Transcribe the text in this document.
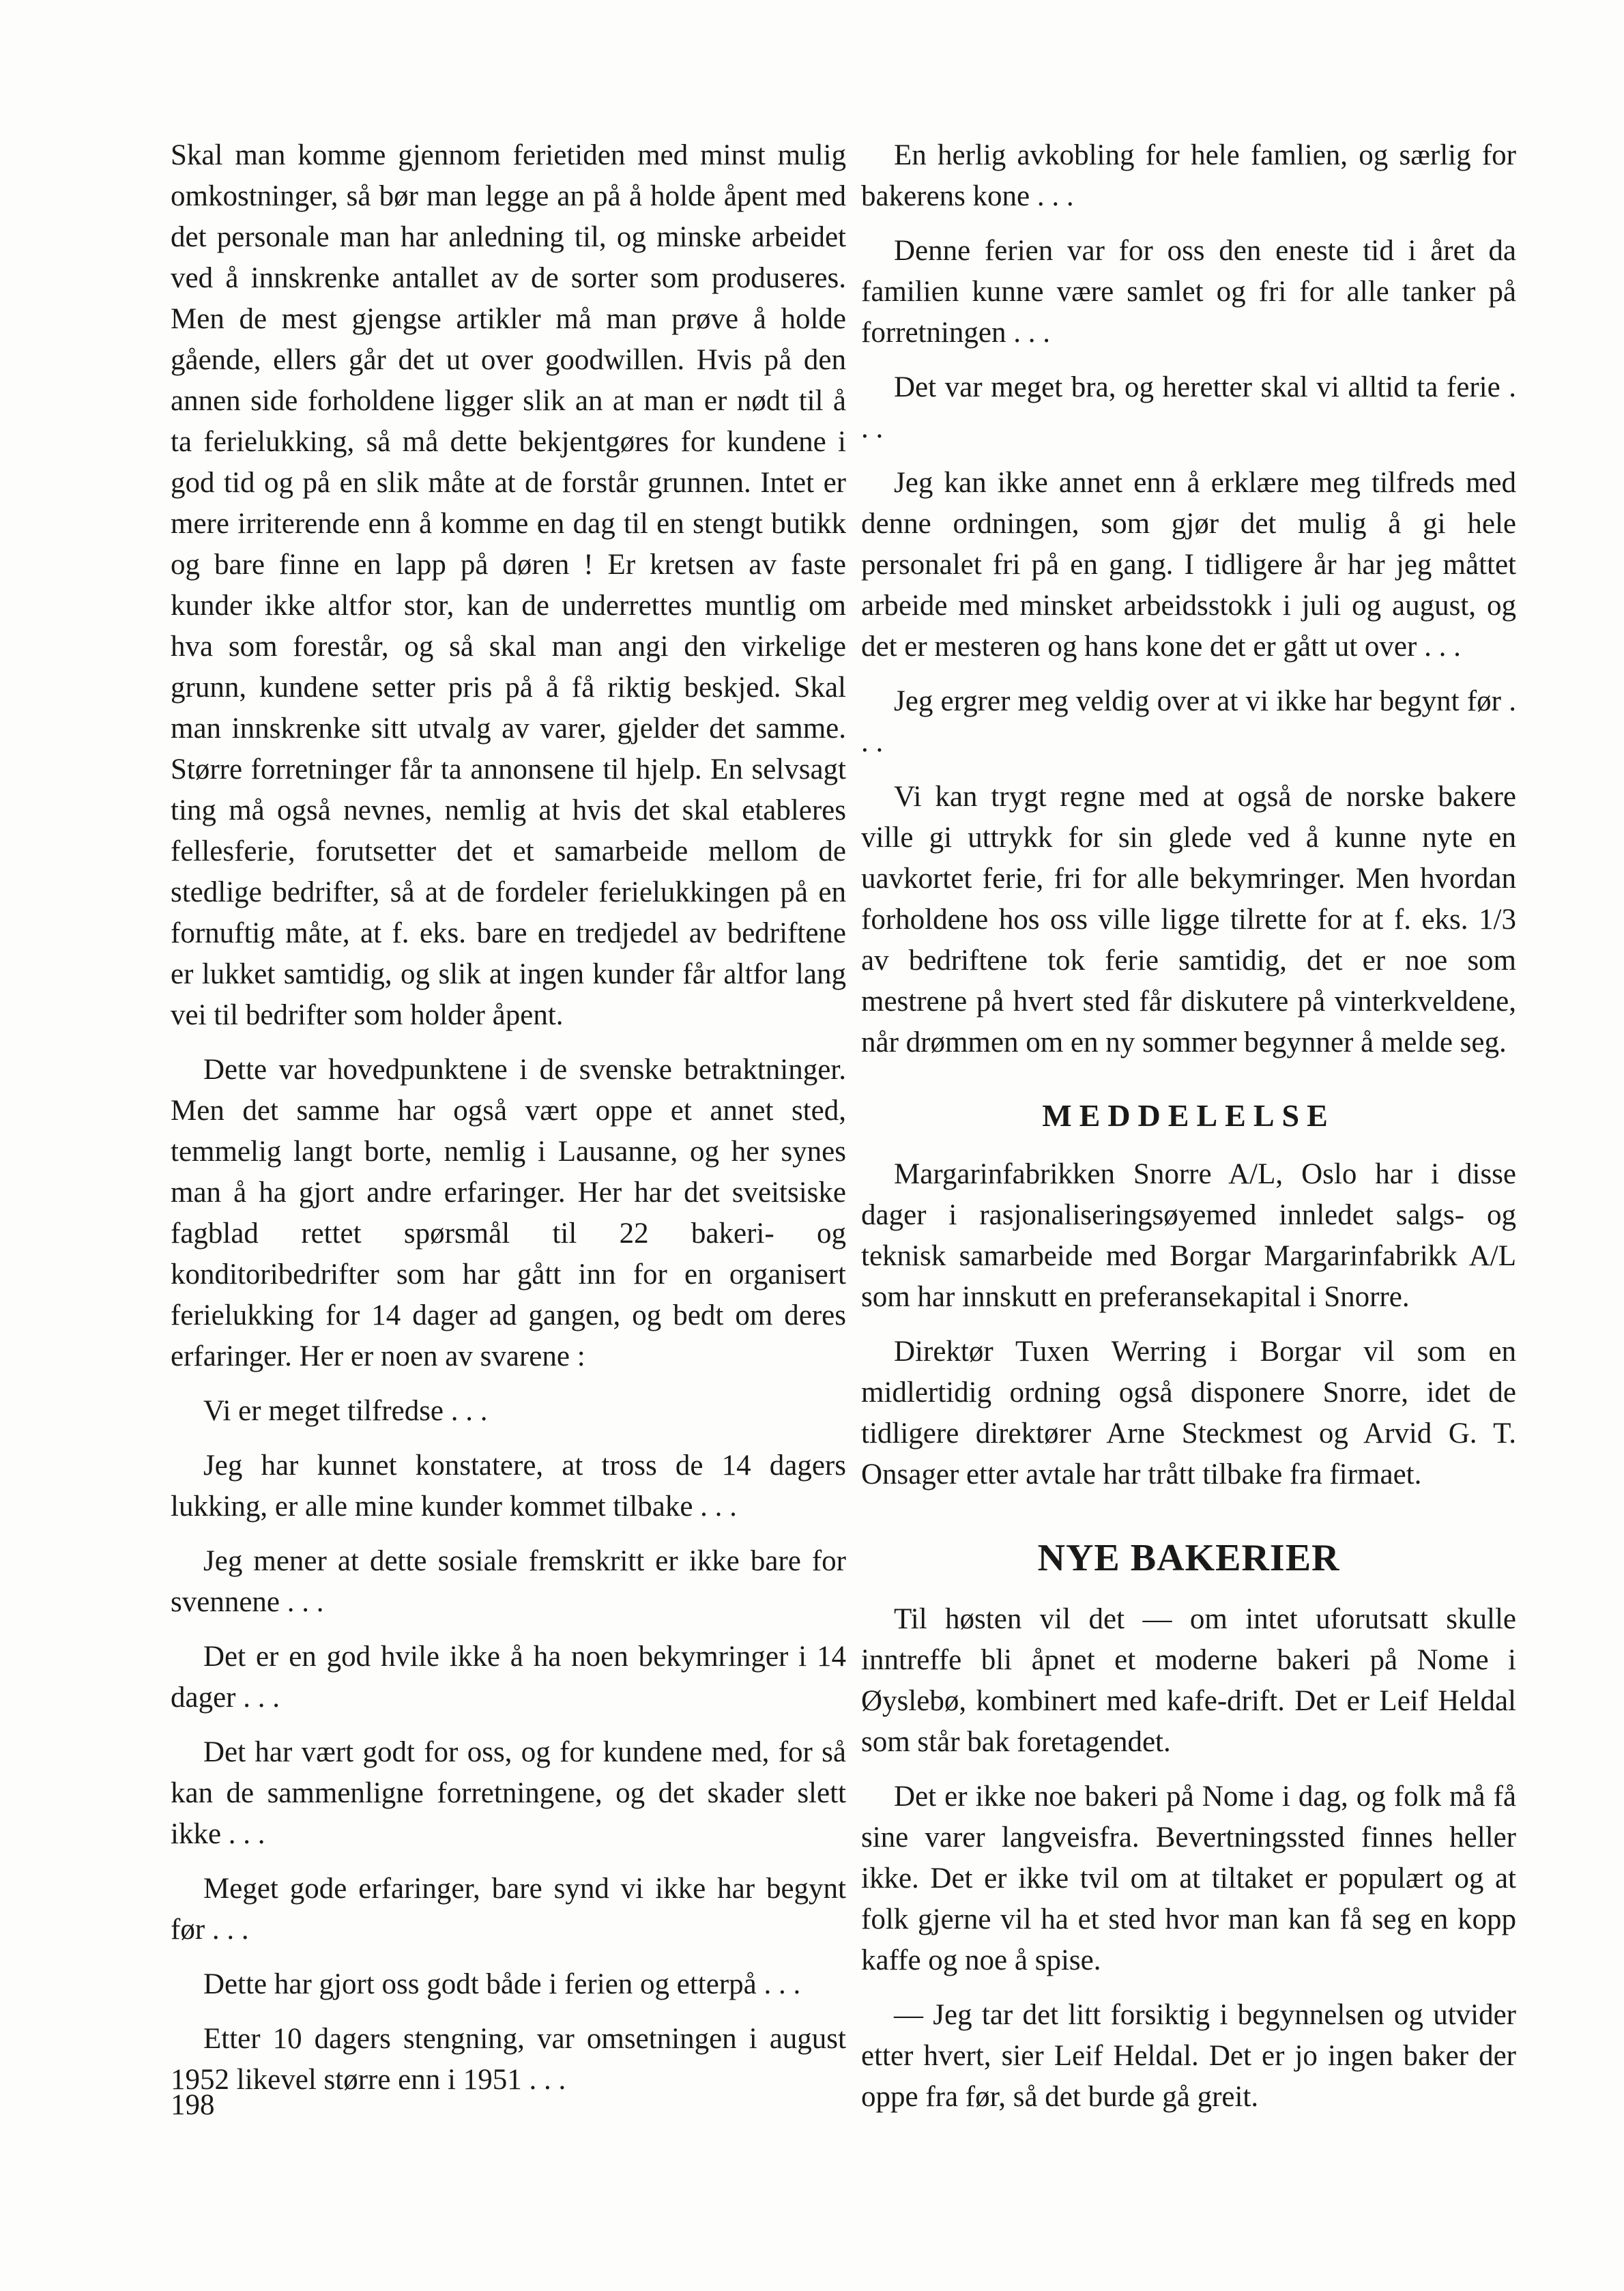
Skal man komme gjennom ferietiden med minst mulig omkostninger, så bør man legge an på å holde åpent med det personale man har anledning til, og minske arbeidet ved å innskrenke antallet av de sorter som produseres. Men de mest gjengse artikler må man prøve å holde gående, ellers går det ut over goodwillen. Hvis på den annen side forholdene ligger slik an at man er nødt til å ta ferielukking, så må dette bekjentgøres for kundene i god tid og på en slik måte at de forstår grunnen. Intet er mere irriterende enn å komme en dag til en stengt butikk og bare finne en lapp på døren ! Er kretsen av faste kunder ikke altfor stor, kan de underrettes muntlig om hva som forestår, og så skal man angi den virkelige grunn, kundene setter pris på å få riktig beskjed. Skal man innskrenke sitt utvalg av varer, gjelder det samme. Større forretninger får ta annonsene til hjelp. En selvsagt ting må også nevnes, nemlig at hvis det skal etableres fellesferie, forutsetter det et samarbeide mellom de stedlige bedrifter, så at de fordeler ferielukkingen på en fornuftig måte, at f. eks. bare en tredjedel av bedriftene er lukket samtidig, og slik at ingen kunder får altfor lang vei til bedrifter som holder åpent.

Dette var hovedpunktene i de svenske betraktninger. Men det samme har også vært oppe et annet sted, temmelig langt borte, nemlig i Lausanne, og her synes man å ha gjort andre erfaringer. Her har det sveitsiske fagblad rettet spørsmål til 22 bakeri- og konditoribedrifter som har gått inn for en organisert ferielukking for 14 dager ad gangen, og bedt om deres erfaringer. Her er noen av svarene :

Vi er meget tilfredse . . .

Jeg har kunnet konstatere, at tross de 14 dagers lukking, er alle mine kunder kommet tilbake . . .

Jeg mener at dette sosiale fremskritt er ikke bare for svennene . . .

Det er en god hvile ikke å ha noen bekymringer i 14 dager . . .

Det har vært godt for oss, og for kundene med, for så kan de sammenligne forretningene, og det skader slett ikke . . .

Meget gode erfaringer, bare synd vi ikke har begynt før . . .

Dette har gjort oss godt både i ferien og etterpå . . .

Etter 10 dagers stengning, var omsetningen i august 1952 likevel større enn i 1951 . . .

En herlig avkobling for hele famlien, og særlig for bakerens kone . . .

Denne ferien var for oss den eneste tid i året da familien kunne være samlet og fri for alle tanker på forretningen . . .

Det var meget bra, og heretter skal vi alltid ta ferie . . .

Jeg kan ikke annet enn å erklære meg tilfreds med denne ordningen, som gjør det mulig å gi hele personalet fri på en gang. I tidligere år har jeg måttet arbeide med minsket arbeidsstokk i juli og august, og det er mesteren og hans kone det er gått ut over . . .

Jeg ergrer meg veldig over at vi ikke har begynt før . . .

Vi kan trygt regne med at også de norske bakere ville gi uttrykk for sin glede ved å kunne nyte en uavkortet ferie, fri for alle bekymringer. Men hvordan forholdene hos oss ville ligge tilrette for at f. eks. 1/3 av bedriftene tok ferie samtidig, det er noe som mestrene på hvert sted får diskutere på vinterkveldene, når drømmen om en ny sommer begynner å melde seg.

MEDDELELSE

Margarinfabrikken Snorre A/L, Oslo har i disse dager i rasjonaliseringsøyemed innledet salgs- og teknisk samarbeide med Borgar Margarinfabrikk A/L som har innskutt en preferansekapital i Snorre.

Direktør Tuxen Werring i Borgar vil som en midlertidig ordning også disponere Snorre, idet de tidligere direktører Arne Steckmest og Arvid G. T. Onsager etter avtale har trått tilbake fra firmaet.

NYE BAKERIER

Til høsten vil det — om intet uforutsatt skulle inntreffe bli åpnet et moderne bakeri på Nome i Øyslebø, kombinert med kafe-drift. Det er Leif Heldal som står bak foretagendet.

Det er ikke noe bakeri på Nome i dag, og folk må få sine varer langveisfra. Bevertningssted finnes heller ikke. Det er ikke tvil om at tiltaket er populært og at folk gjerne vil ha et sted hvor man kan få seg en kopp kaffe og noe å spise.

— Jeg tar det litt forsiktig i begynnelsen og utvider etter hvert, sier Leif Heldal. Det er jo ingen baker der oppe fra før, så det burde gå greit.

198
